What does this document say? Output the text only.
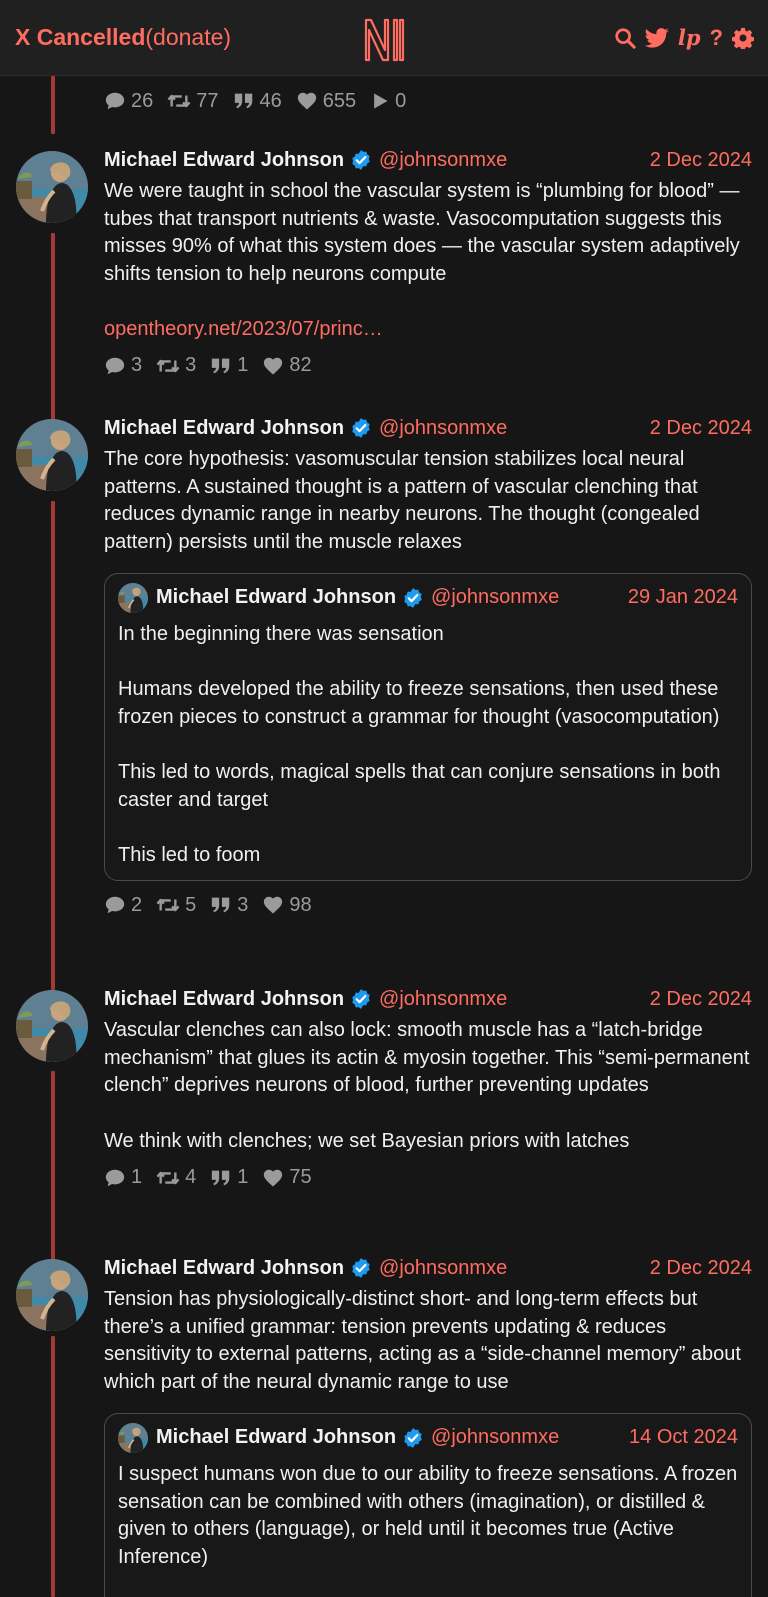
X Cancelled(donate)	lp ?
26 77 46 655 0
Michael Edward Johnson @johnsonmxe	2 Dec 2024

We were taught in school the vascular system is “plumbing for blood” — tubes that transport nutrients & waste. Vasocomputation suggests this misses 90% of what this system does — the vascular system adaptively shifts tension to help neurons compute

opentheory.net/2023/07/princ…
3 3 1 82
Michael Edward Johnson @johnsonmxe	2 Dec 2024

The core hypothesis: vasomuscular tension stabilizes local neural patterns. A sustained thought is a pattern of vascular clenching that reduces dynamic range in nearby neurons. The thought (congealed pattern) persists until the muscle relaxes

Michael Edward Johnson @johnsonmxe	29 Jan 2024

In the beginning there was sensation

Humans developed the ability to freeze sensations, then used these frozen pieces to construct a grammar for thought (vasocomputation)

This led to words, magical spells that can conjure sensations in both caster and target

This led to foom

2 5 3 98
Michael Edward Johnson @johnsonmxe	2 Dec 2024

Vascular clenches can also lock: smooth muscle has a “latch-bridge mechanism” that glues its actin & myosin together. This “semi-permanent clench” deprives neurons of blood, further preventing updates

We think with clenches; we set Bayesian priors with latches

1 4 1 75
Michael Edward Johnson @johnsonmxe	2 Dec 2024

Tension has physiologically-distinct short- and long-term effects but there’s a unified grammar: tension prevents updating & reduces sensitivity to external patterns, acting as a “side-channel memory” about which part of the neural dynamic range to use

Michael Edward Johnson @johnsonmxe	14 Oct 2024

I suspect humans won due to our ability to freeze sensations. A frozen sensation can be combined with others (imagination), or distilled & given to others (language), or held until it becomes true (Active Inference)
